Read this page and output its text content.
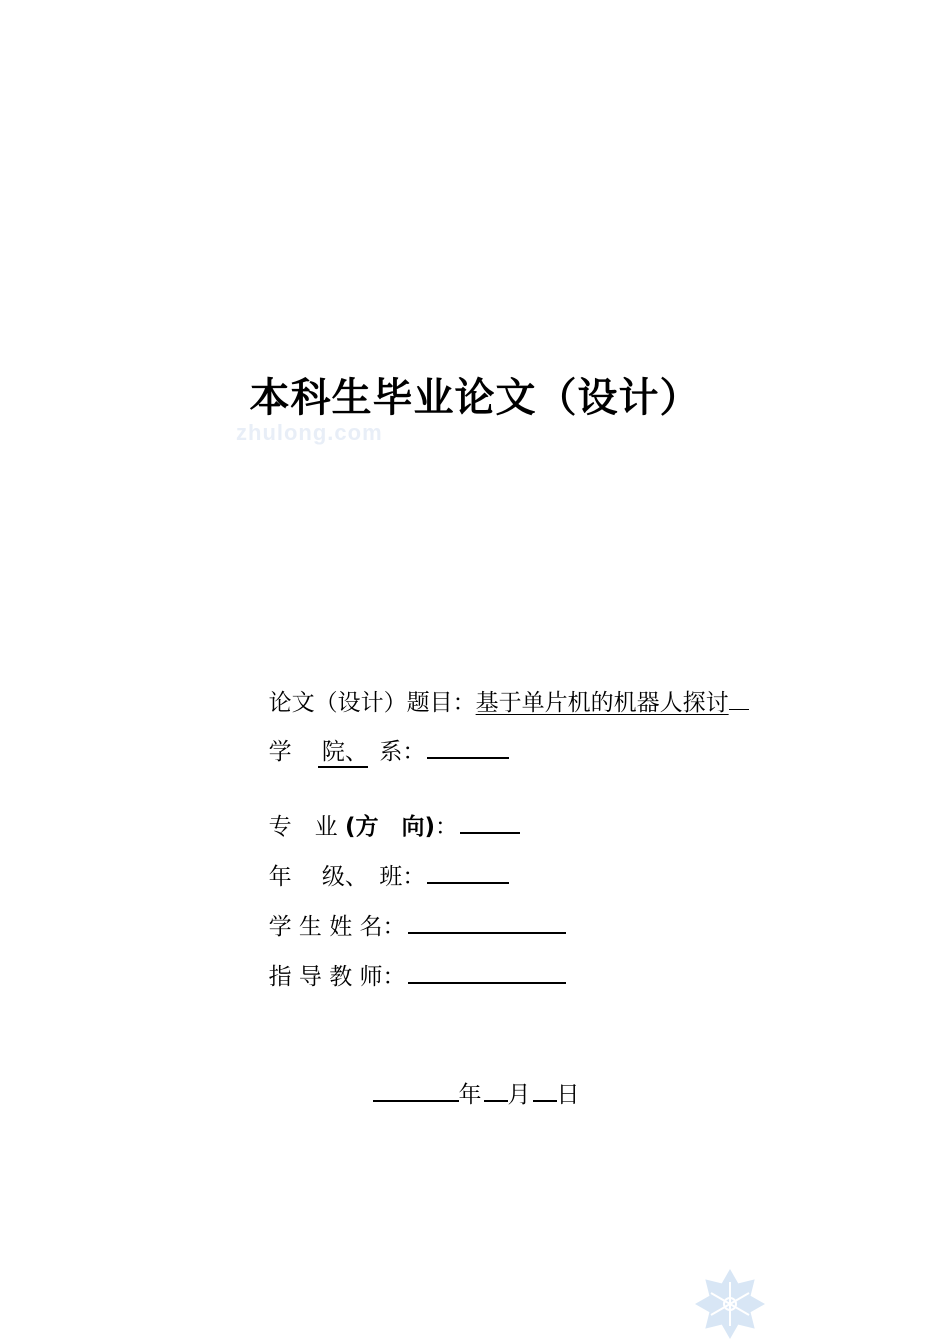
本科生毕业论文（设计）
zhulong.com

论文（设计）题目：基于单片机的机器人探讨

学　 院、　系：

专　业 (方　向)：

年　 级、　班：

学 生 姓 名：

指 导 教 师：

年 月 日
